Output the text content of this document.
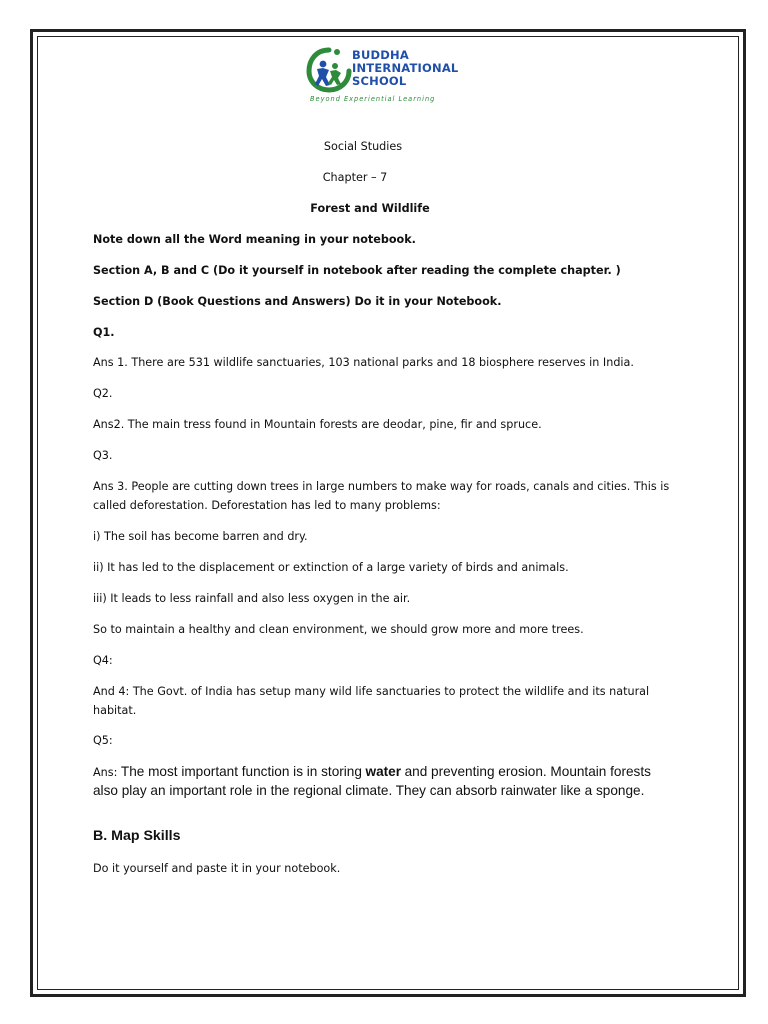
BUDDHA
INTERNATIONAL
SCHOOL
Beyond Experiential Learning
Social Studies
Chapter – 7
Forest and Wildlife
Note down all the Word meaning in your notebook.
Section A, B and C (Do it yourself in notebook after reading the complete chapter. )
Section D (Book Questions and Answers) Do it in your Notebook.
Q1.
Ans 1. There are 531 wildlife sanctuaries, 103 national parks and 18 biosphere reserves in India.
Q2.
Ans2. The main tress found in Mountain forests are deodar, pine, fir and spruce.
Q3.
Ans 3. People are cutting down trees in large numbers to make way for roads, canals and cities. This is called deforestation. Deforestation has led to many problems:
i) The soil has become barren and dry.
ii) It has led to the displacement or extinction of a large variety of birds and animals.
iii) It leads to less rainfall and also less oxygen in the air.
So to maintain a healthy and clean environment, we should grow more and more trees.
Q4:
And 4: The Govt. of India has setup many wild life sanctuaries to protect the wildlife and its natural habitat.
Q5:
Ans: The most important function is in storing water and preventing erosion. Mountain forests also play an important role in the regional climate. They can absorb rainwater like a sponge.
B. Map Skills
Do it yourself and paste it in your notebook.
